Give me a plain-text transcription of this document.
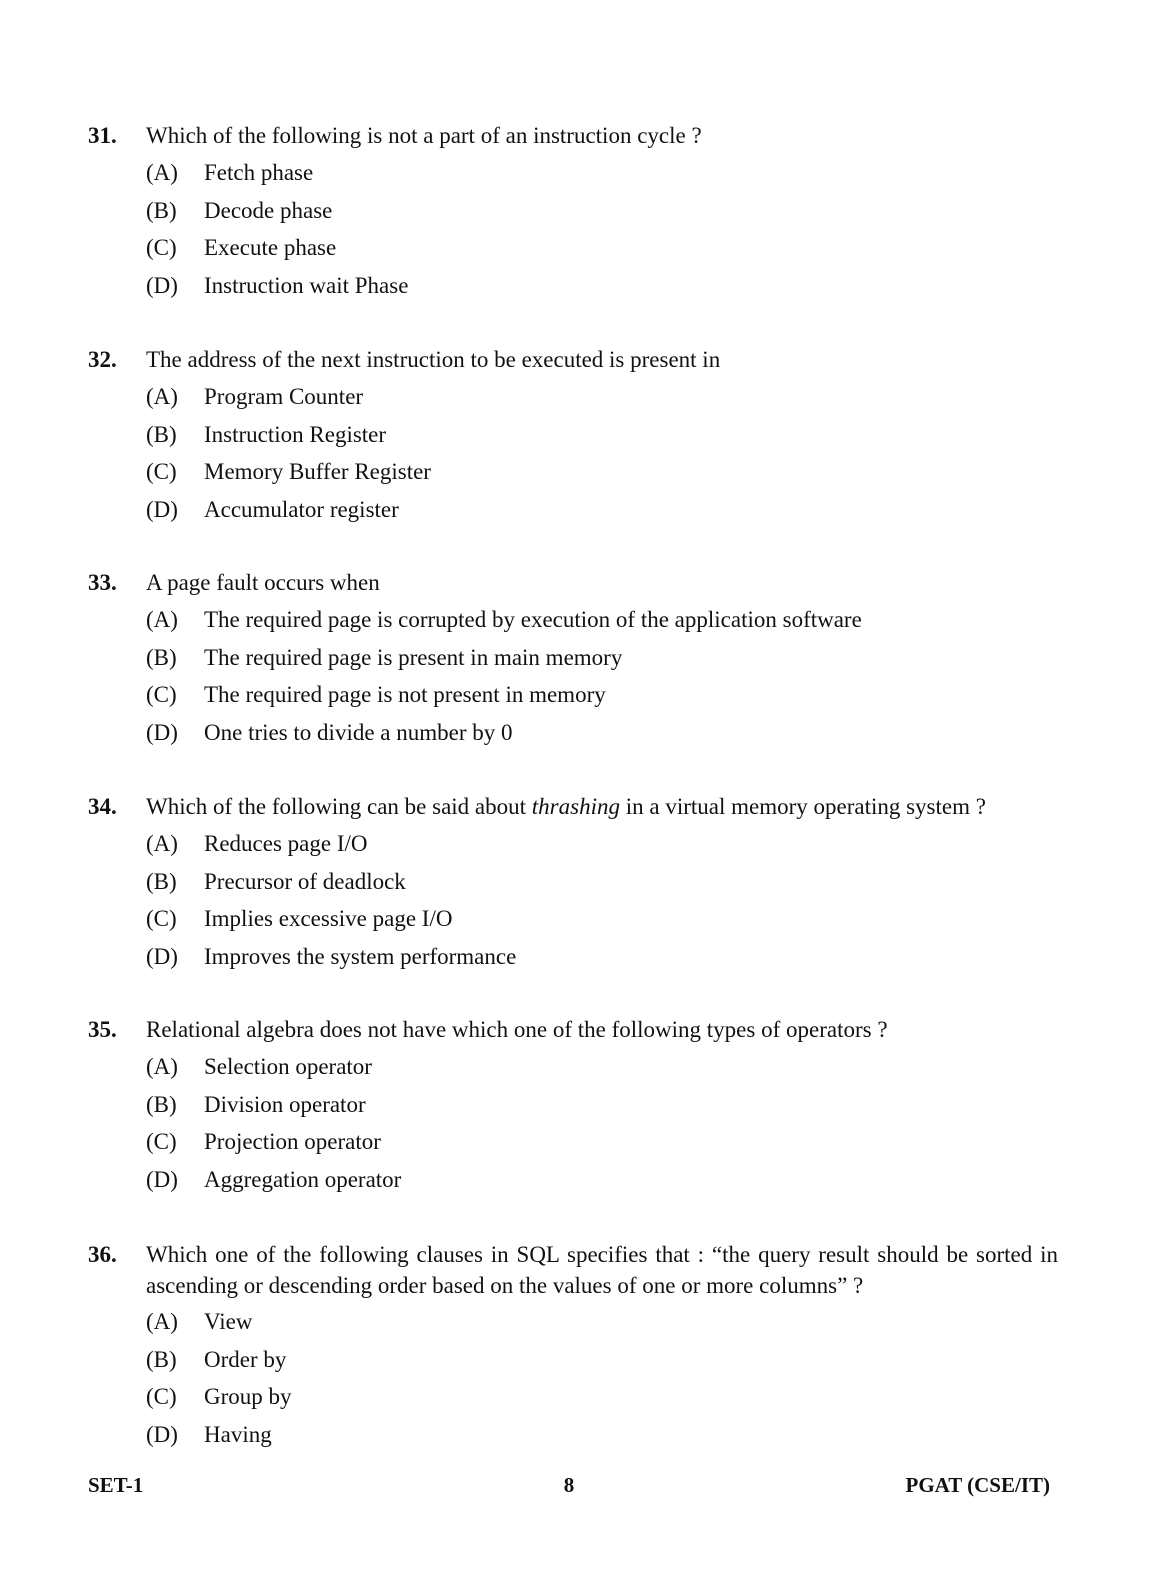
31. Which of the following is not a part of an instruction cycle ?
(A) Fetch phase
(B) Decode phase
(C) Execute phase
(D) Instruction wait Phase
32. The address of the next instruction to be executed is present in
(A) Program Counter
(B) Instruction Register
(C) Memory Buffer Register
(D) Accumulator register
33. A page fault occurs when
(A) The required page is corrupted by execution of the application software
(B) The required page is present in main memory
(C) The required page is not present in memory
(D) One tries to divide a number by 0
34. Which of the following can be said about thrashing in a virtual memory operating system ?
(A) Reduces page I/O
(B) Precursor of deadlock
(C) Implies excessive page I/O
(D) Improves the system performance
35. Relational algebra does not have which one of the following types of operators ?
(A) Selection operator
(B) Division operator
(C) Projection operator
(D) Aggregation operator
36. Which one of the following clauses in SQL specifies that : “the query result should be sorted in ascending or descending order based on the values of one or more columns” ?
(A) View
(B) Order by
(C) Group by
(D) Having
SET-1	8	PGAT (CSE/IT)
